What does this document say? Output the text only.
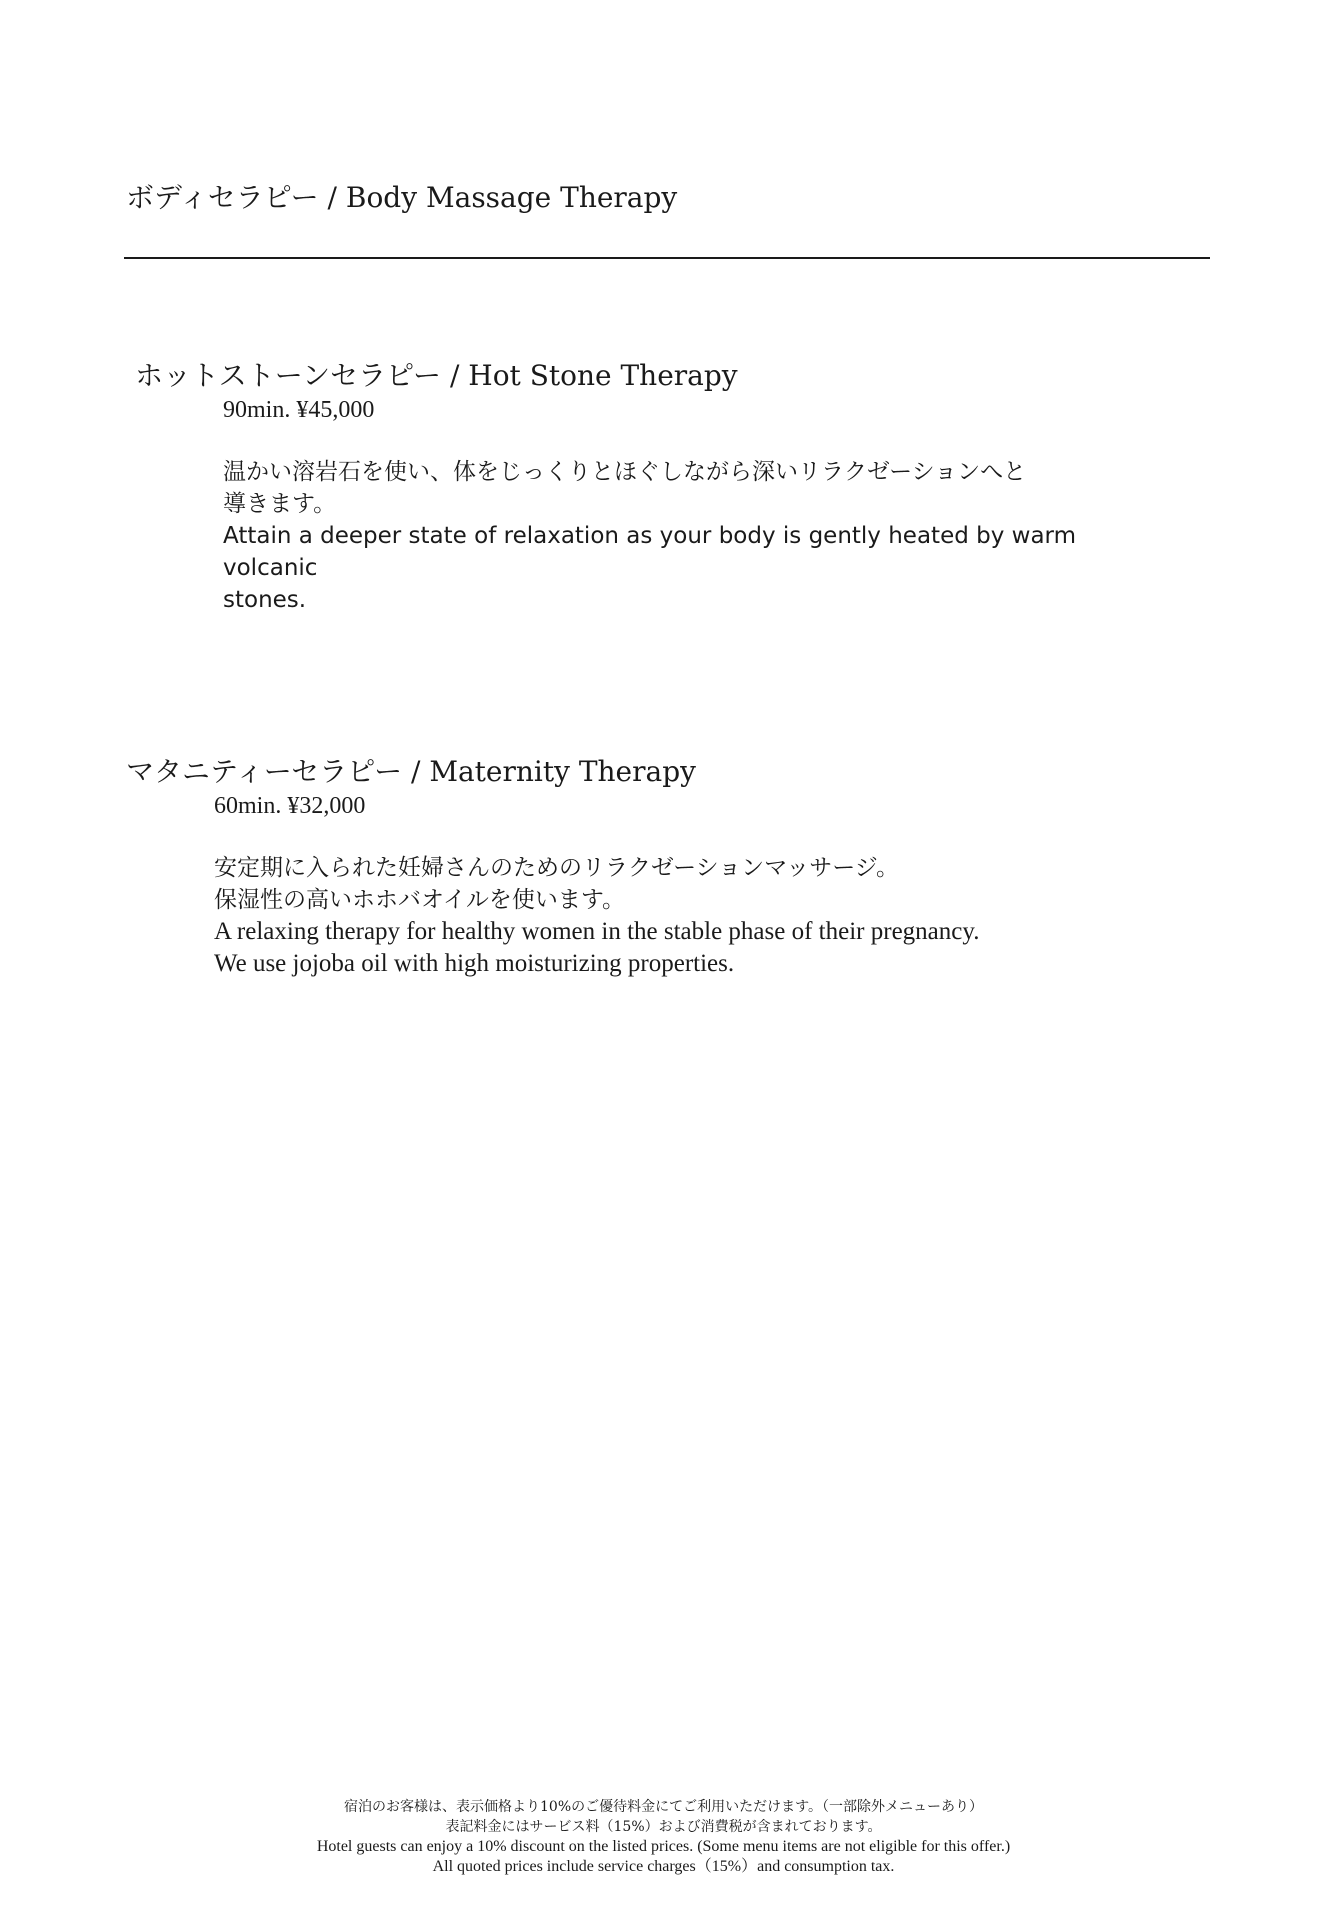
ボディセラピー / Body Massage Therapy
ホットストーンセラピー / Hot Stone Therapy
90min. ¥45,000
温かい溶岩石を使い、体をじっくりとほぐしながら深いリラクゼーションへと
導きます。
Attain a deeper state of relaxation as your body is gently heated by warm volcanic
stones.
マタニティーセラピー / Maternity Therapy
60min. ¥32,000
安定期に入られた妊婦さんのためのリラクゼーションマッサージ。
保湿性の高いホホバオイルを使います。
A relaxing therapy for healthy women in the stable phase of their pregnancy.
We use jojoba oil with high moisturizing properties.
宿泊のお客様は、表示価格より10%のご優待料金にてご利用いただけます。（一部除外メニューあり）
表記料金にはサービス料（15%）および消費税が含まれております。
Hotel guests can enjoy a 10% discount on the listed prices. (Some menu items are not eligible for this offer.)
All quoted prices include service charges（15%）and consumption tax.
